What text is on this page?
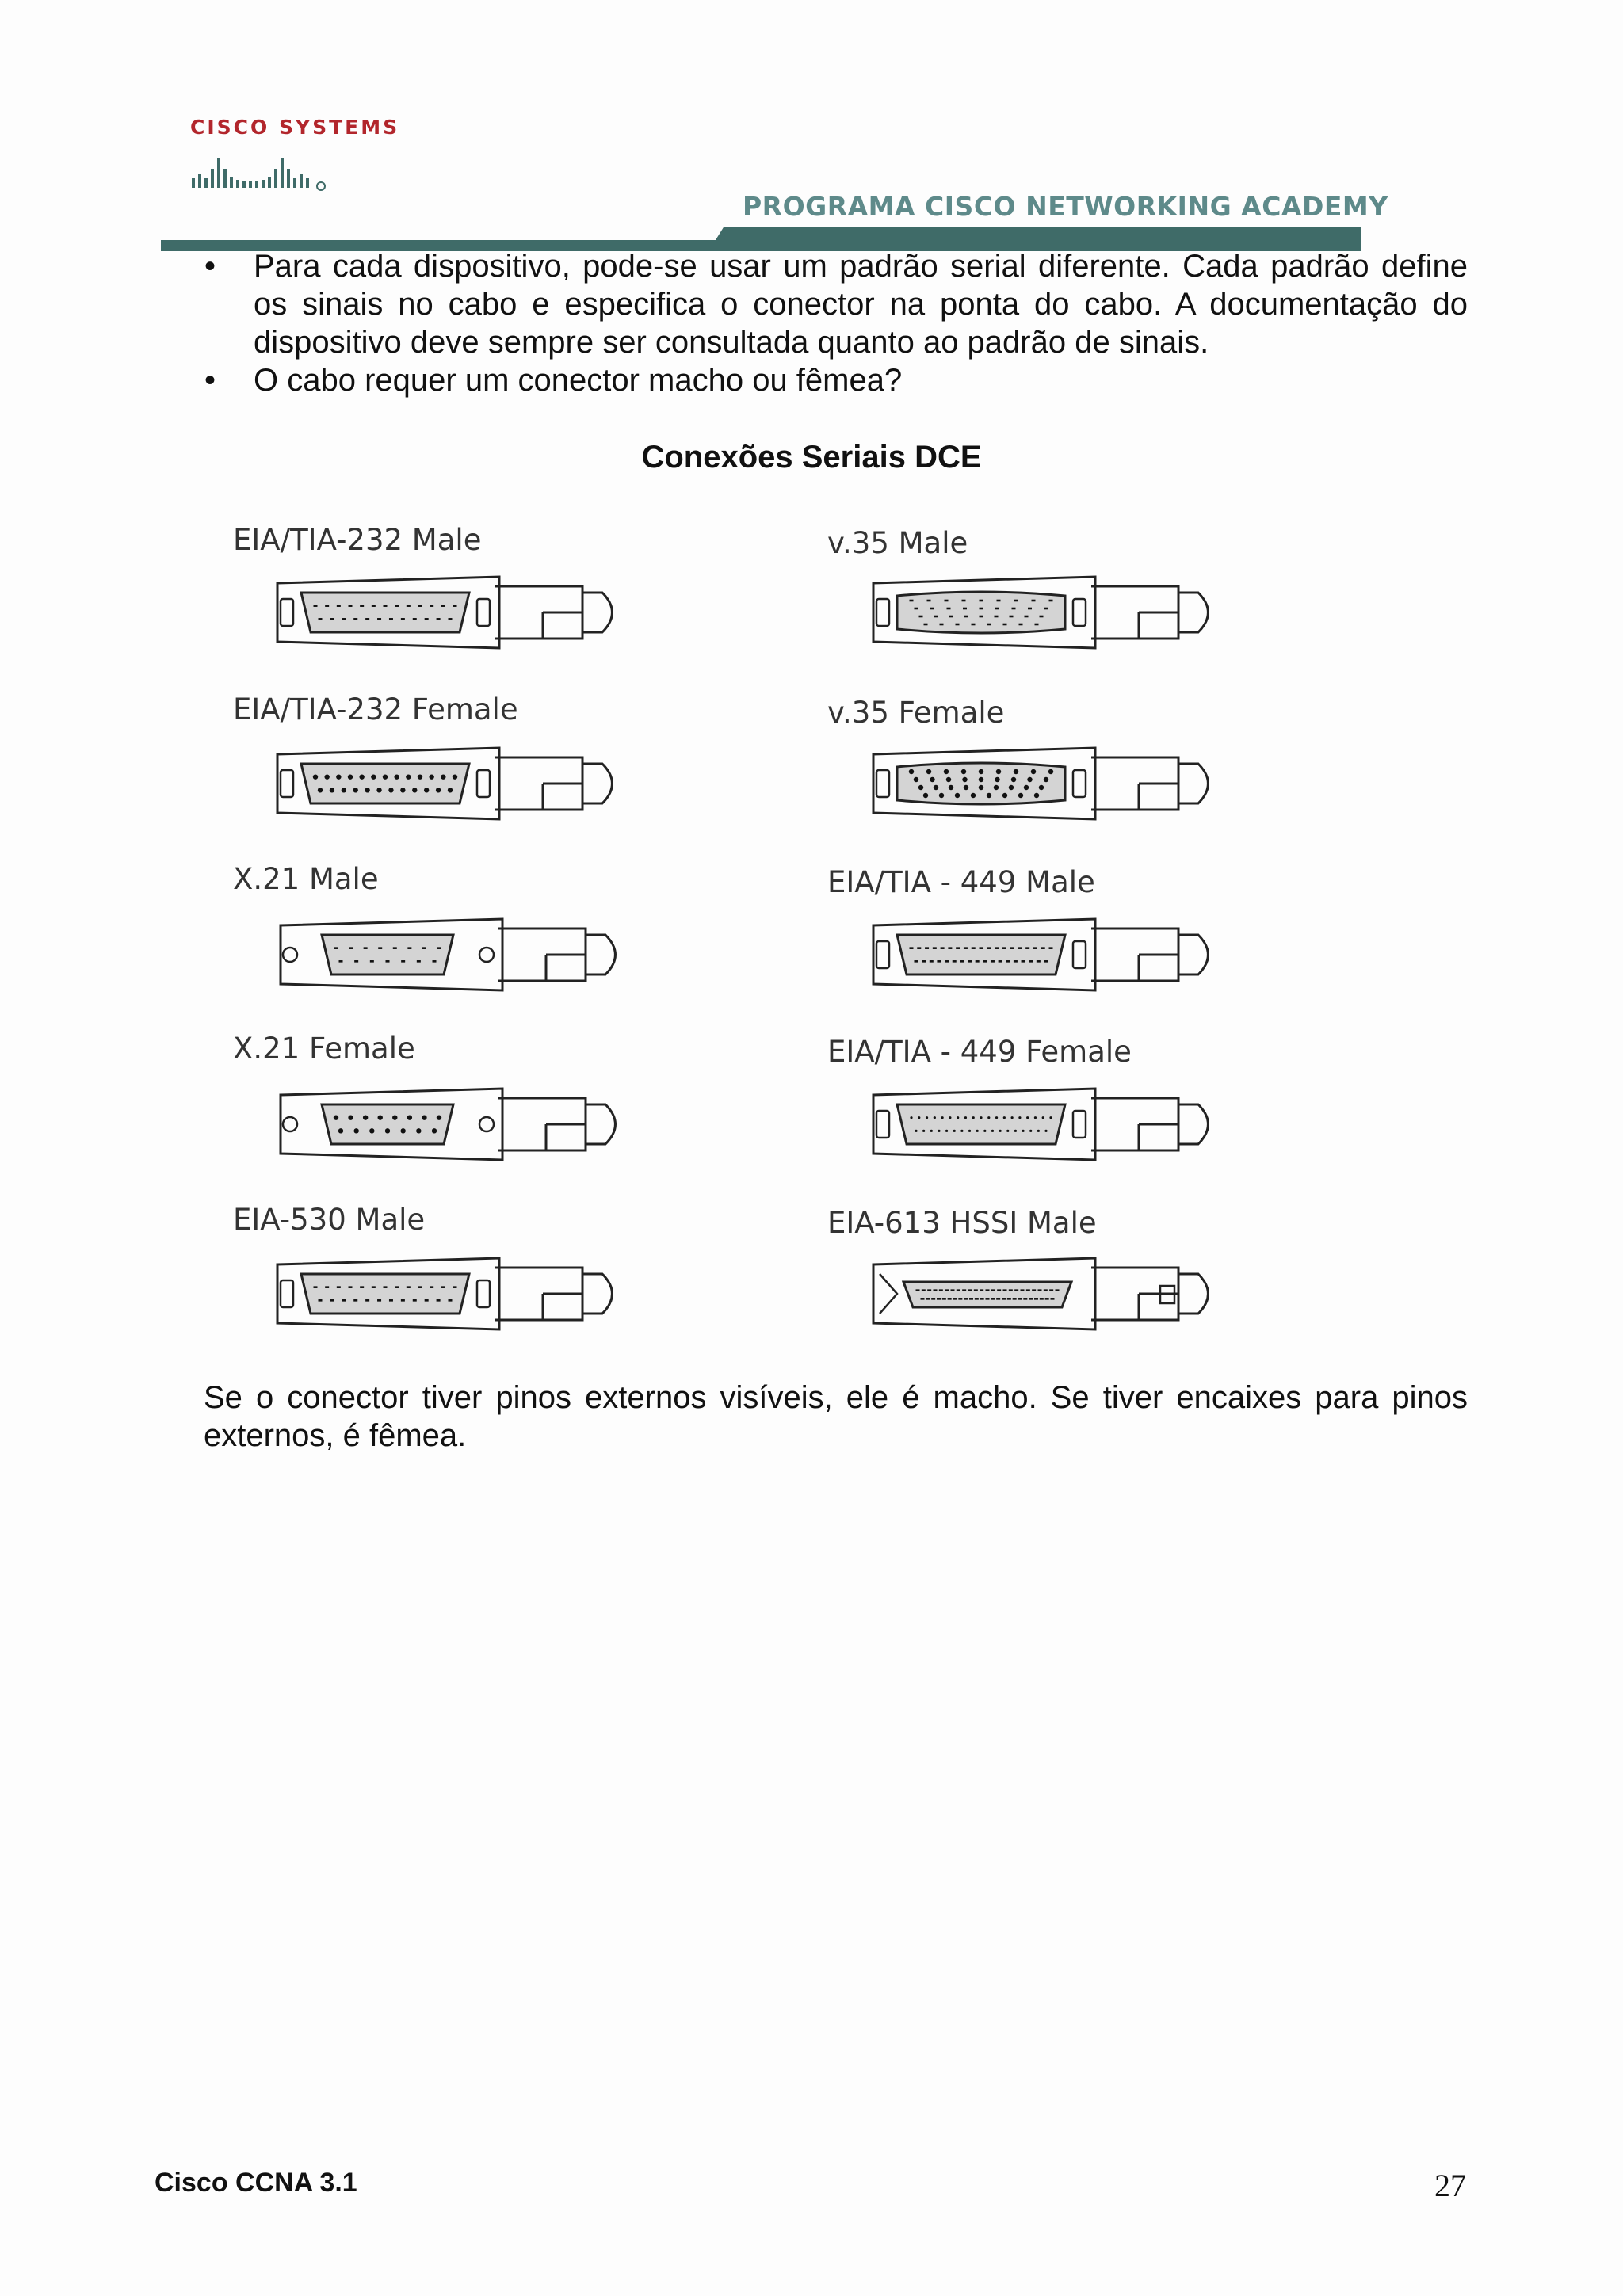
CISCO SYSTEMS
PROGRAMA CISCO NETWORKING ACADEMY
• Para cada dispositivo, pode-se usar um padrão serial diferente. Cada padrão define os sinais no cabo e especifica o conector na ponta do cabo. A documentação do dispositivo deve sempre ser consultada quanto ao padrão de sinais.
• O cabo requer um conector macho ou fêmea?
Conexões Seriais DCE
EIA/TIA-232 Male	v.35 Male
EIA/TIA-232 Female	v.35 Female
X.21 Male	EIA/TIA - 449 Male
X.21 Female	EIA/TIA - 449 Female
EIA-530 Male	EIA-613 HSSI Male

Se o conector tiver pinos externos visíveis, ele é macho. Se tiver encaixes para pinos externos, é fêmea.

Cisco CCNA 3.1	27
